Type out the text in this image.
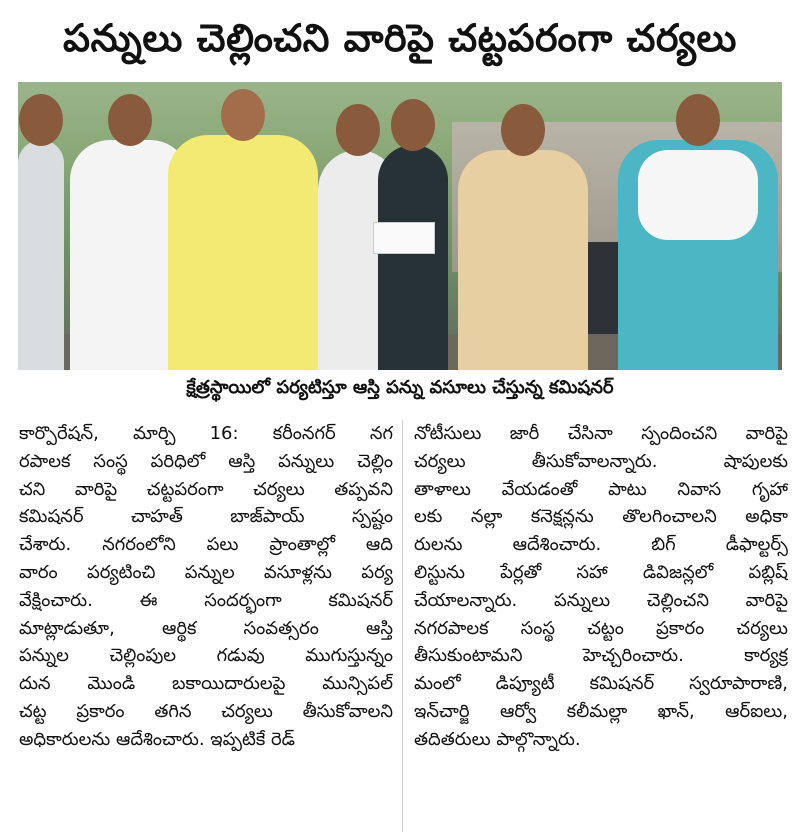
పన్నులు చెల్లించని వారిపై చట్టపరంగా చర్యలు
క్షేత్రస్థాయిలో పర్యటిస్తూ ఆస్తి పన్ను వసూలు చేస్తున్న కమిషనర్
కార్పొరేషన్, మార్చి 16: కరీంనగర్ నగ
రపాలక సంస్థ పరిధిలో ఆస్తి పన్నులు చెల్లిం
చని వారిపై చట్టపరంగా చర్యలు తప్పవని
కమిషనర్ చాహత్ బాజ్‌పాయ్ స్పష్టం
చేశారు. నగరంలోని పలు ప్రాంతాల్లో ఆది
వారం పర్యటించి పన్నుల వసూళ్లను పర్య
వేక్షించారు. ఈ సందర్భంగా కమిషనర్
మాట్లాడుతూ, ఆర్థిక సంవత్సరం ఆస్తి
పన్నుల చెల్లింపుల గడువు ముగుస్తున్నం
దున మొండి బకాయిదారులపై మున్సిపల్
చట్ట ప్రకారం తగిన చర్యలు తీసుకోవాలని
అధికారులను ఆదేశించారు. ఇప్పటికే రెడ్
నోటీసులు జారీ చేసినా స్పందించని వారిపై
చర్యలు తీసుకోవాలన్నారు. షాపులకు
తాళాలు వేయడంతో పాటు నివాస గృహా
లకు నల్లా కనెక్షన్లను తొలగించాలని అధికా
రులను ఆదేశించారు. బిగ్ డీఫాల్టర్స్
లిస్టును పేర్లతో సహా డివిజన్లలో పబ్లిష్
చేయాలన్నారు. పన్నులు చెల్లించని వారిపై
నగరపాలక సంస్థ చట్టం ప్రకారం చర్యలు
తీసుకుంటామని హెచ్చరించారు. కార్యక్ర
మంలో డిప్యూటీ కమిషనర్ స్వరూపారాణి,
ఇన్‌చార్జి ఆర్వో కలీమల్లా ఖాన్, ఆర్ఐలు,
తదితరులు పాల్గొన్నారు.
